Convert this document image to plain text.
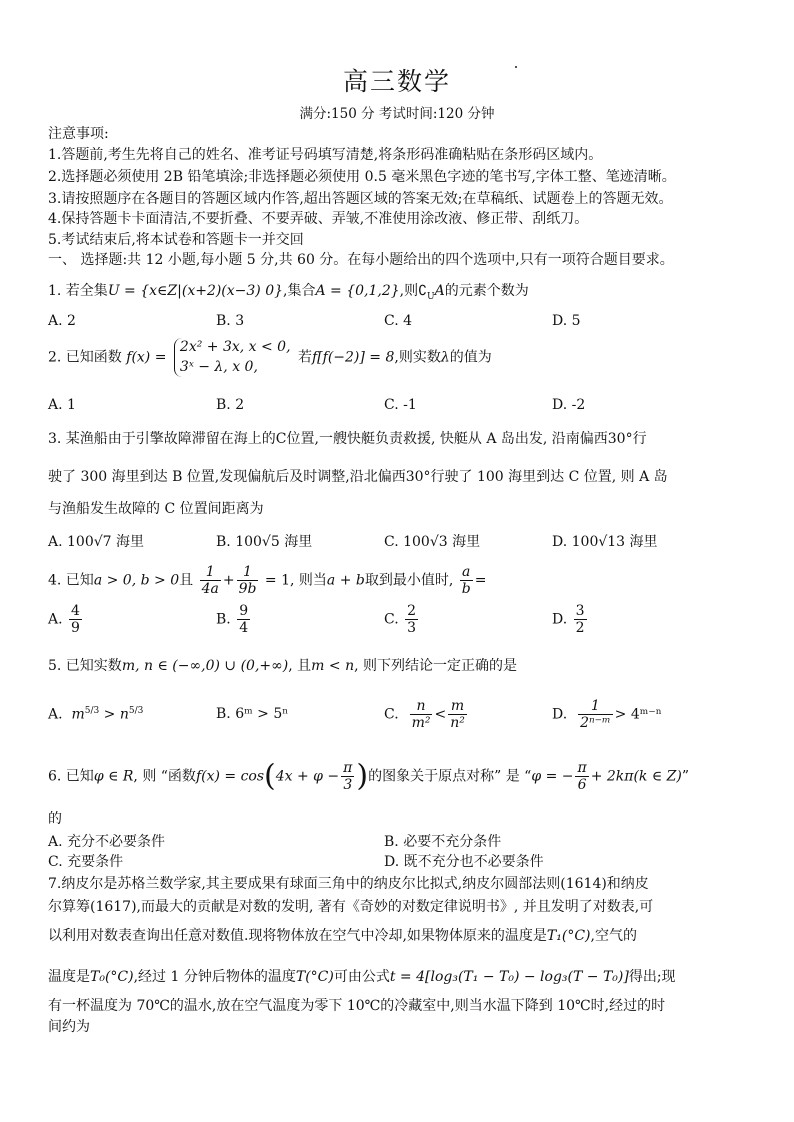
高三数学
满分:150 分 考试时间:120 分钟
注意事项:
1.答题前,考生先将自己的姓名、准考证号码填写清楚,将条形码准确粘贴在条形码区域内。
2.选择题必须使用 2B 铅笔填涂;非选择题必须使用 0.5 毫米黑色字迹的笔书写,字体工整、笔迹清晰。
3.请按照题序在各题目的答题区域内作答,超出答题区域的答案无效;在草稿纸、试题卷上的答题无效。
4.保持答题卡卡面清洁,不要折叠、不要弄破、弄皱,不准使用涂改液、修正带、刮纸刀。
5.考试结束后,将本试卷和答题卡一并交回
一、 选择题:共 12 小题,每小题 5 分,共 60 分。在每小题给出的四个选项中,只有一项符合题目要求。
1. 若全集U = {x∈Z|(x+2)(x−3) 0},集合A = {0,1,2},则$∁_UA$的元素个数为
A. 2	B. 3	C. 4	D. 5
2. 已知函数 f(x) =
2x² + 3x, x < 0,
3ˣ − λ, x 0,
若f[f(−2)] = 8,则实数λ的值为
A. 1	B. 2	C. -1	D. -2
3. 某渔船由于引擎故障滞留在海上的C位置,一艘快艇负责救援, 快艇从 A 岛出发, 沿南偏西30°行
驶了 300 海里到达 B 位置,发现偏航后及时调整,沿北偏西30°行驶了 100 海里到达 C 位置, 则 A 岛
与渔船发生故障的 C 位置间距离为
A. 100√7 海里	B. 100√5 海里	C. 100√3 海里	D. 100√13 海里
4. 已知a > 0, b > 0且 $\frac{1}{4a} + \frac{1}{9b} = 1$, 则当a + b取到最小值时, $\frac{a}{b}$ =
A. $\frac{4}{9}$	B. $\frac{9}{4}$	C. $\frac{2}{3}$	D. $\frac{3}{2}$
5. 已知实数m, n ∈ (−∞,0) ∪ (0,+∞), 且m < n, 则下列结论一定正确的是
A. $m^{5/3} > n^{5/3}$	B. 6ᵐ > 5ⁿ	C. $\frac{n}{\text{m²}} < \frac{m}{\text{n²}}$	D. $\frac{1}{\text{2ⁿ⁻ᵐ}}$ > 4ᵐ⁻ⁿ
6. 已知φ ∈ R, 则 “函数$f(x) = \cos(4x + \varphi - \frac{\pi}{3}$ )的图象关于原点对称” 是 “φ = − $\frac{\pi}{6} + 2k\pi(k$ ∈ Z)”
的
A. 充分不必要条件	B. 必要不充分条件
C. 充要条件	D. 既不充分也不必要条件
7.纳皮尔是苏格兰数学家,其主要成果有球面三角中的纳皮尔比拟式,纳皮尔圆部法则(1614)和纳皮
尔算筹(1617),而最大的贡献是对数的发明, 著有《奇妙的对数定律说明书》, 并且发明了对数表,可
以利用对数表查询出任意对数值.现将物体放在空气中冷却,如果物体原来的温度是T₁(°C),空气的
温度是T₀(°C),经过 1 分钟后物体的温度T(°C)可由公式t = 4[log₃(T₁ − T₀) − log₃(T − T₀)]得出;现
有一杯温度为 70℃的温水,放在空气温度为零下 10℃的冷藏室中,则当水温下降到 10℃时,经过的时
间约为
